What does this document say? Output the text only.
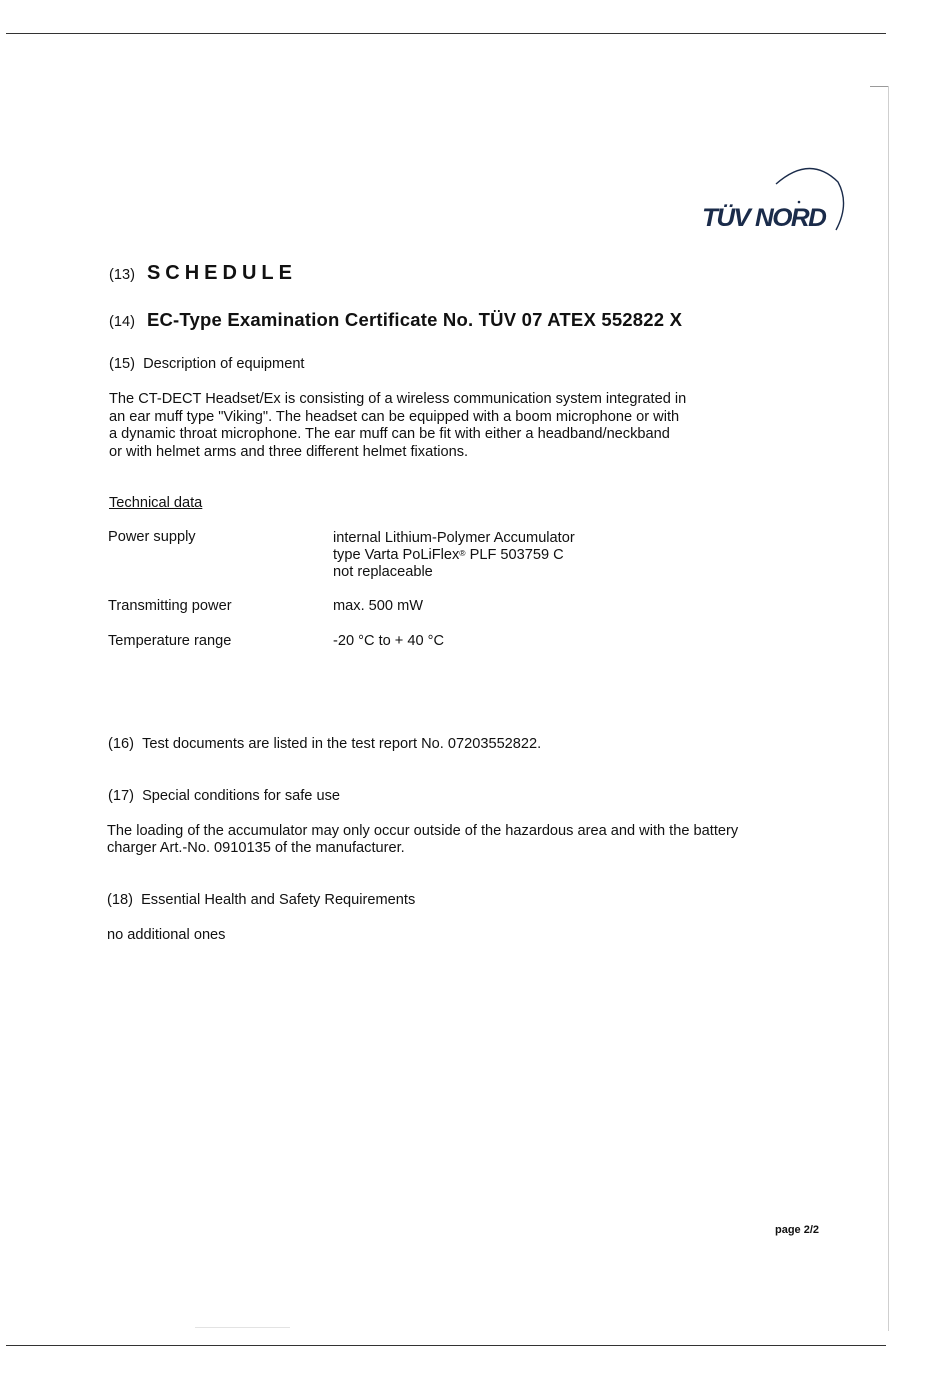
TÜV NORD
(13) SCHEDULE
(14) EC-Type Examination Certificate No. TÜV 07 ATEX 552822 X
(15) Description of equipment
The CT-DECT Headset/Ex is consisting of a wireless communication system integrated in
an ear muff type "Viking". The headset can be equipped with a boom microphone or with
a dynamic throat microphone. The ear muff can be fit with either a headband/neckband
or with helmet arms and three different helmet fixations.
Technical data
Power supply	internal Lithium-Polymer Accumulator
type Varta PoLiFlex® PLF 503759 C
not replaceable
Transmitting power	max. 500 mW
Temperature range	-20 °C to + 40 °C
(16) Test documents are listed in the test report No. 07203552822.
(17) Special conditions for safe use
The loading of the accumulator may only occur outside of the hazardous area and with the battery
charger Art.-No. 0910135 of the manufacturer.
(18) Essential Health and Safety Requirements
no additional ones
page 2/2
